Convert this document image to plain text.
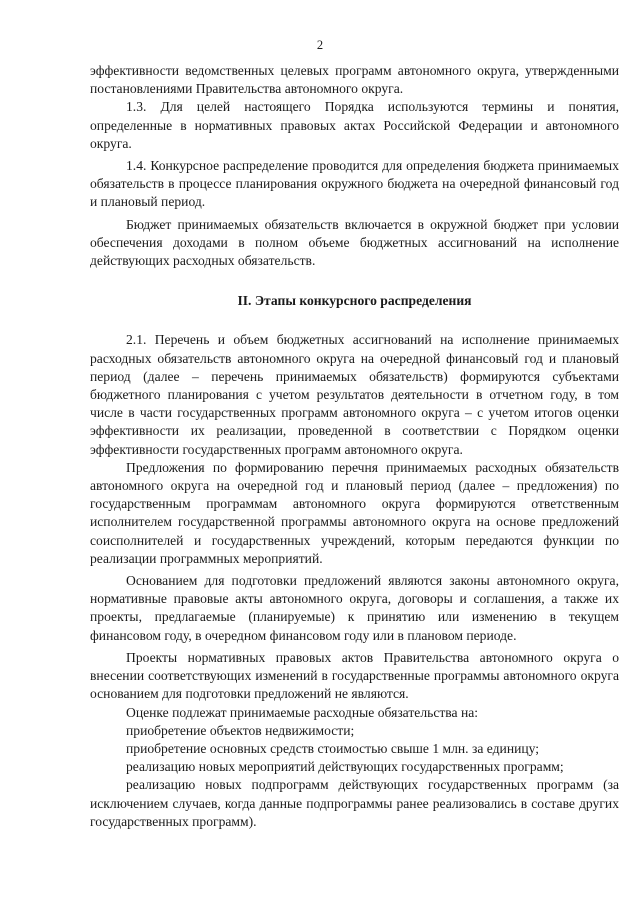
2

эффективности ведомственных целевых программ автономного округа, утвержденными постановлениями Правительства автономного округа.

1.3. Для целей настоящего Порядка используются термины и понятия, определенные в нормативных правовых актах Российской Федерации и автономного округа.

1.4. Конкурсное распределение проводится для определения бюджета принимаемых обязательств в процессе планирования окружного бюджета на очередной финансовый год и плановый период.

Бюджет принимаемых обязательств включается в окружной бюджет при условии обеспечения доходами в полном объеме бюджетных ассигнований на исполнение действующих расходных обязательств.

II. Этапы конкурсного распределения

2.1. Перечень и объем бюджетных ассигнований на исполнение принимаемых расходных обязательств автономного округа на очередной финансовый год и плановый период (далее – перечень принимаемых обязательств) формируются субъектами бюджетного планирования с учетом результатов деятельности в отчетном году, в том числе в части государственных программ автономного округа – с учетом итогов оценки эффективности их реализации, проведенной в соответствии с Порядком оценки эффективности государственных программ автономного округа.

Предложения по формированию перечня принимаемых расходных обязательств автономного округа на очередной год и плановый период (далее – предложения) по государственным программам автономного округа формируются ответственным исполнителем государственной программы автономного округа на основе предложений соисполнителей и государственных учреждений, которым передаются функции по реализации программных мероприятий.

Основанием для подготовки предложений являются законы автономного округа, нормативные правовые акты автономного округа, договоры и соглашения, а также их проекты, предлагаемые (планируемые) к принятию или изменению в текущем финансовом году, в очередном финансовом году или в плановом периоде.

Проекты нормативных правовых актов Правительства автономного округа о внесении соответствующих изменений в государственные программы автономного округа основанием для подготовки предложений не являются.

Оценке подлежат принимаемые расходные обязательства на:

приобретение объектов недвижимости;

приобретение основных средств стоимостью свыше 1 млн. за единицу;

реализацию новых мероприятий действующих государственных программ;

реализацию новых подпрограмм действующих государственных программ (за исключением случаев, когда данные подпрограммы ранее реализовались в составе других государственных программ).
